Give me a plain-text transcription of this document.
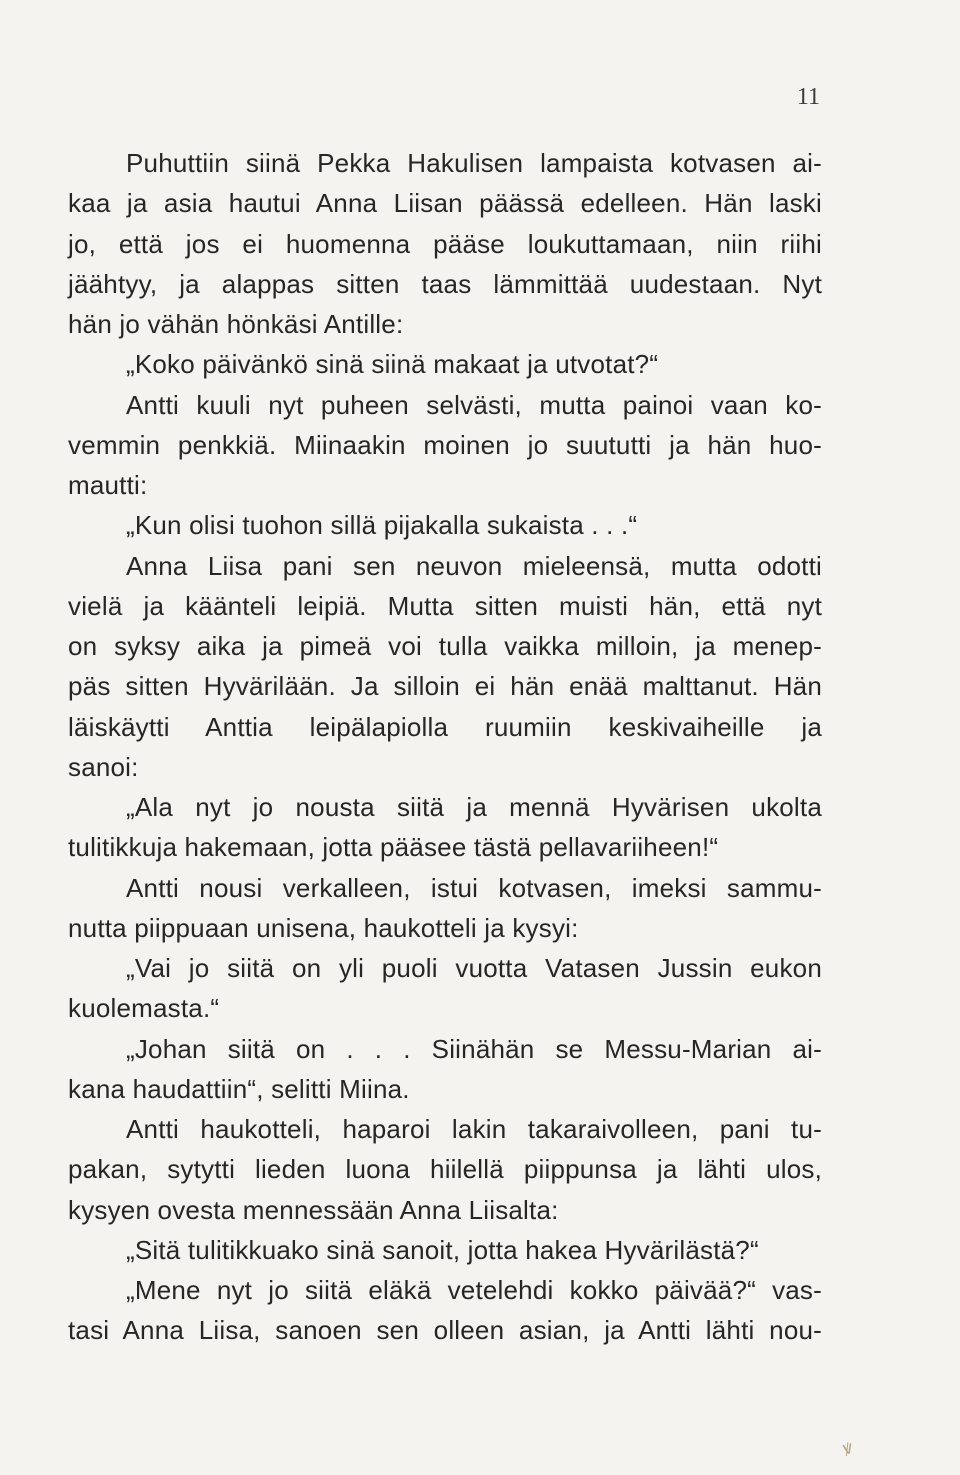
11
Puhuttiin siinä Pekka Hakulisen lampaista kotvasen ai-
kaa ja asia hautui Anna Liisan päässä edelleen. Hän laski
jo, että jos ei huomenna pääse loukuttamaan, niin riihi
jäähtyy, ja alappas sitten taas lämmittää uudestaan. Nyt
hän jo vähän hönkäsi Antille:
„Koko päivänkö sinä siinä makaat ja utvotat?“
Antti kuuli nyt puheen selvästi, mutta painoi vaan ko-
vemmin penkkiä. Miinaakin moinen jo suututti ja hän huo-
mautti:
„Kun olisi tuohon sillä pijakalla sukaista . . .“
Anna Liisa pani sen neuvon mieleensä, mutta odotti
vielä ja käänteli leipiä. Mutta sitten muisti hän, että nyt
on syksy aika ja pimeä voi tulla vaikka milloin, ja menep-
päs sitten Hyvärilään. Ja silloin ei hän enää malttanut. Hän
läiskäytti Anttia leipälapiolla ruumiin keskivaiheille ja
sanoi:
„Ala nyt jo nousta siitä ja mennä Hyvärisen ukolta
tulitikkuja hakemaan, jotta pääsee tästä pellavariiheen!“
Antti nousi verkalleen, istui kotvasen, imeksi sammu-
nutta piippuaan unisena, haukotteli ja kysyi:
„Vai jo siitä on yli puoli vuotta Vatasen Jussin eukon
kuolemasta.“
„Johan siitä on . . . Siinähän se Messu-Marian ai-
kana haudattiin“, selitti Miina.
Antti haukotteli, haparoi lakin takaraivolleen, pani tu-
pakan, sytytti lieden luona hiilellä piippunsa ja lähti ulos,
kysyen ovesta mennessään Anna Liisalta:
„Sitä tulitikkuako sinä sanoit, jotta hakea Hyvärilästä?“
„Mene nyt jo siitä eläkä vetelehdi kokko päivää?“ vas-
tasi Anna Liisa, sanoen sen olleen asian, ja Antti lähti nou-
ꝟ
